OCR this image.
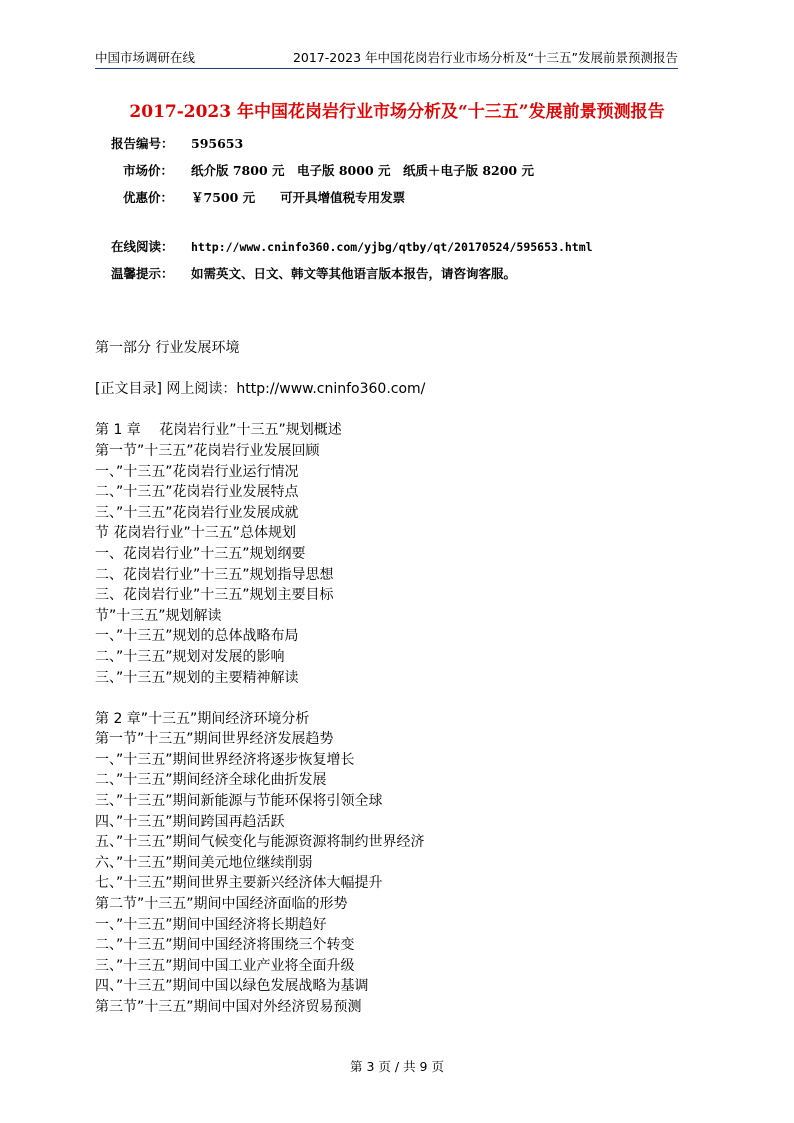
中国市场调研在线	2017-2023 年中国花岗岩行业市场分析及“十三五”发展前景预测报告
2017-2023 年中国花岗岩行业市场分析及“十三五”发展前景预测报告
报告编号： 595653
市场价： 纸介版 7800 元　电子版 8000 元　纸质＋电子版 8200 元
优惠价： ￥7500 元　　可开具增值税专用发票
在线阅读： http://www.cninfo360.com/yjbg/qtby/qt/20170524/595653.html
温馨提示： 如需英文、日文、韩文等其他语言版本报告，请咨询客服。
第一部分 行业发展环境
[正文目录] 网上阅读：http://www.cninfo360.com/
第 1 章　 花岗岩行业”十三五”规划概述
第一节”十三五”花岗岩行业发展回顾
一、”十三五”花岗岩行业运行情况
二、”十三五”花岗岩行业发展特点
三、”十三五”花岗岩行业发展成就
节 花岗岩行业”十三五”总体规划
一、花岗岩行业”十三五”规划纲要
二、花岗岩行业”十三五”规划指导思想
三、花岗岩行业”十三五”规划主要目标
节”十三五”规划解读
一、”十三五”规划的总体战略布局
二、”十三五”规划对发展的影响
三、”十三五”规划的主要精神解读
第 2 章”十三五”期间经济环境分析
第一节”十三五”期间世界经济发展趋势
一、”十三五”期间世界经济将逐步恢复增长
二、”十三五”期间经济全球化曲折发展
三、”十三五”期间新能源与节能环保将引领全球
四、”十三五”期间跨国再趋活跃
五、”十三五”期间气候变化与能源资源将制约世界经济
六、”十三五”期间美元地位继续削弱
七、”十三五”期间世界主要新兴经济体大幅提升
第二节”十三五”期间中国经济面临的形势
一、”十三五”期间中国经济将长期趋好
二、”十三五”期间中国经济将围绕三个转变
三、”十三五”期间中国工业产业将全面升级
四、”十三五”期间中国以绿色发展战略为基调
第三节”十三五”期间中国对外经济贸易预测
第 3 页 / 共 9 页
